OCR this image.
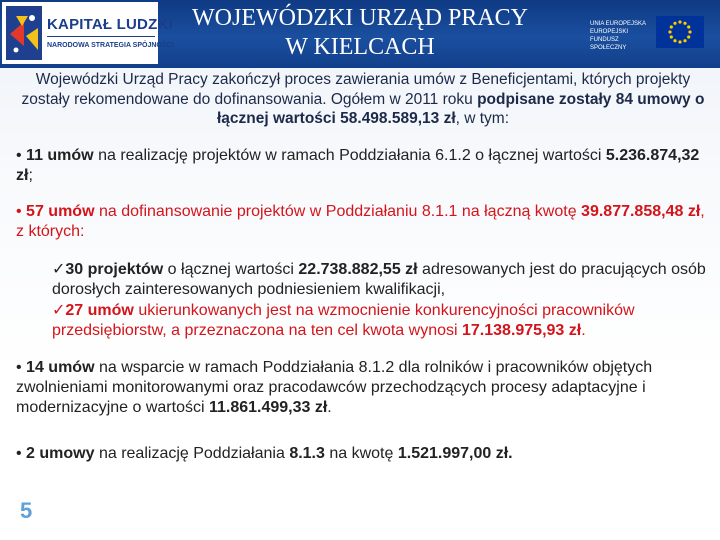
KAPITAŁ LUDZKI
NARODOWA STRATEGIA SPÓJNOŚCI
WOJEWÓDZKI URZĄD PRACY
W KIELCACH
UNIA EUROPEJSKA EUROPEJSKI FUNDUSZ SPOŁECZNY

Wojewódzki Urząd Pracy zakończył proces zawierania umów z Beneficjentami, których projekty zostały rekomendowane do dofinansowania. Ogółem w 2011 roku podpisane zostały 84 umowy o łącznej wartości 58.498.589,13 zł, w tym:

• 11 umów na realizację projektów w ramach Poddziałania 6.1.2 o łącznej wartości 5.236.874,32 zł;

• 57 umów na dofinansowanie projektów w Poddziałaniu 8.1.1 na łączną kwotę 39.877.858,48 zł, z których:

✓30 projektów o łącznej wartości 22.738.882,55 zł adresowanych jest do pracujących osób dorosłych zainteresowanych podniesieniem kwalifikacji,

✓27 umów ukierunkowanych jest na wzmocnienie konkurencyjności pracowników przedsiębiorstw, a przeznaczona na ten cel kwota wynosi 17.138.975,93 zł.

• 14 umów na wsparcie w ramach Poddziałania 8.1.2 dla rolników i pracowników objętych zwolnieniami monitorowanymi oraz pracodawców przechodzących procesy adaptacyjne i modernizacyjne o wartości 11.861.499,33 zł.

• 2 umowy na realizację Poddziałania 8.1.3 na kwotę 1.521.997,00 zł.

5
